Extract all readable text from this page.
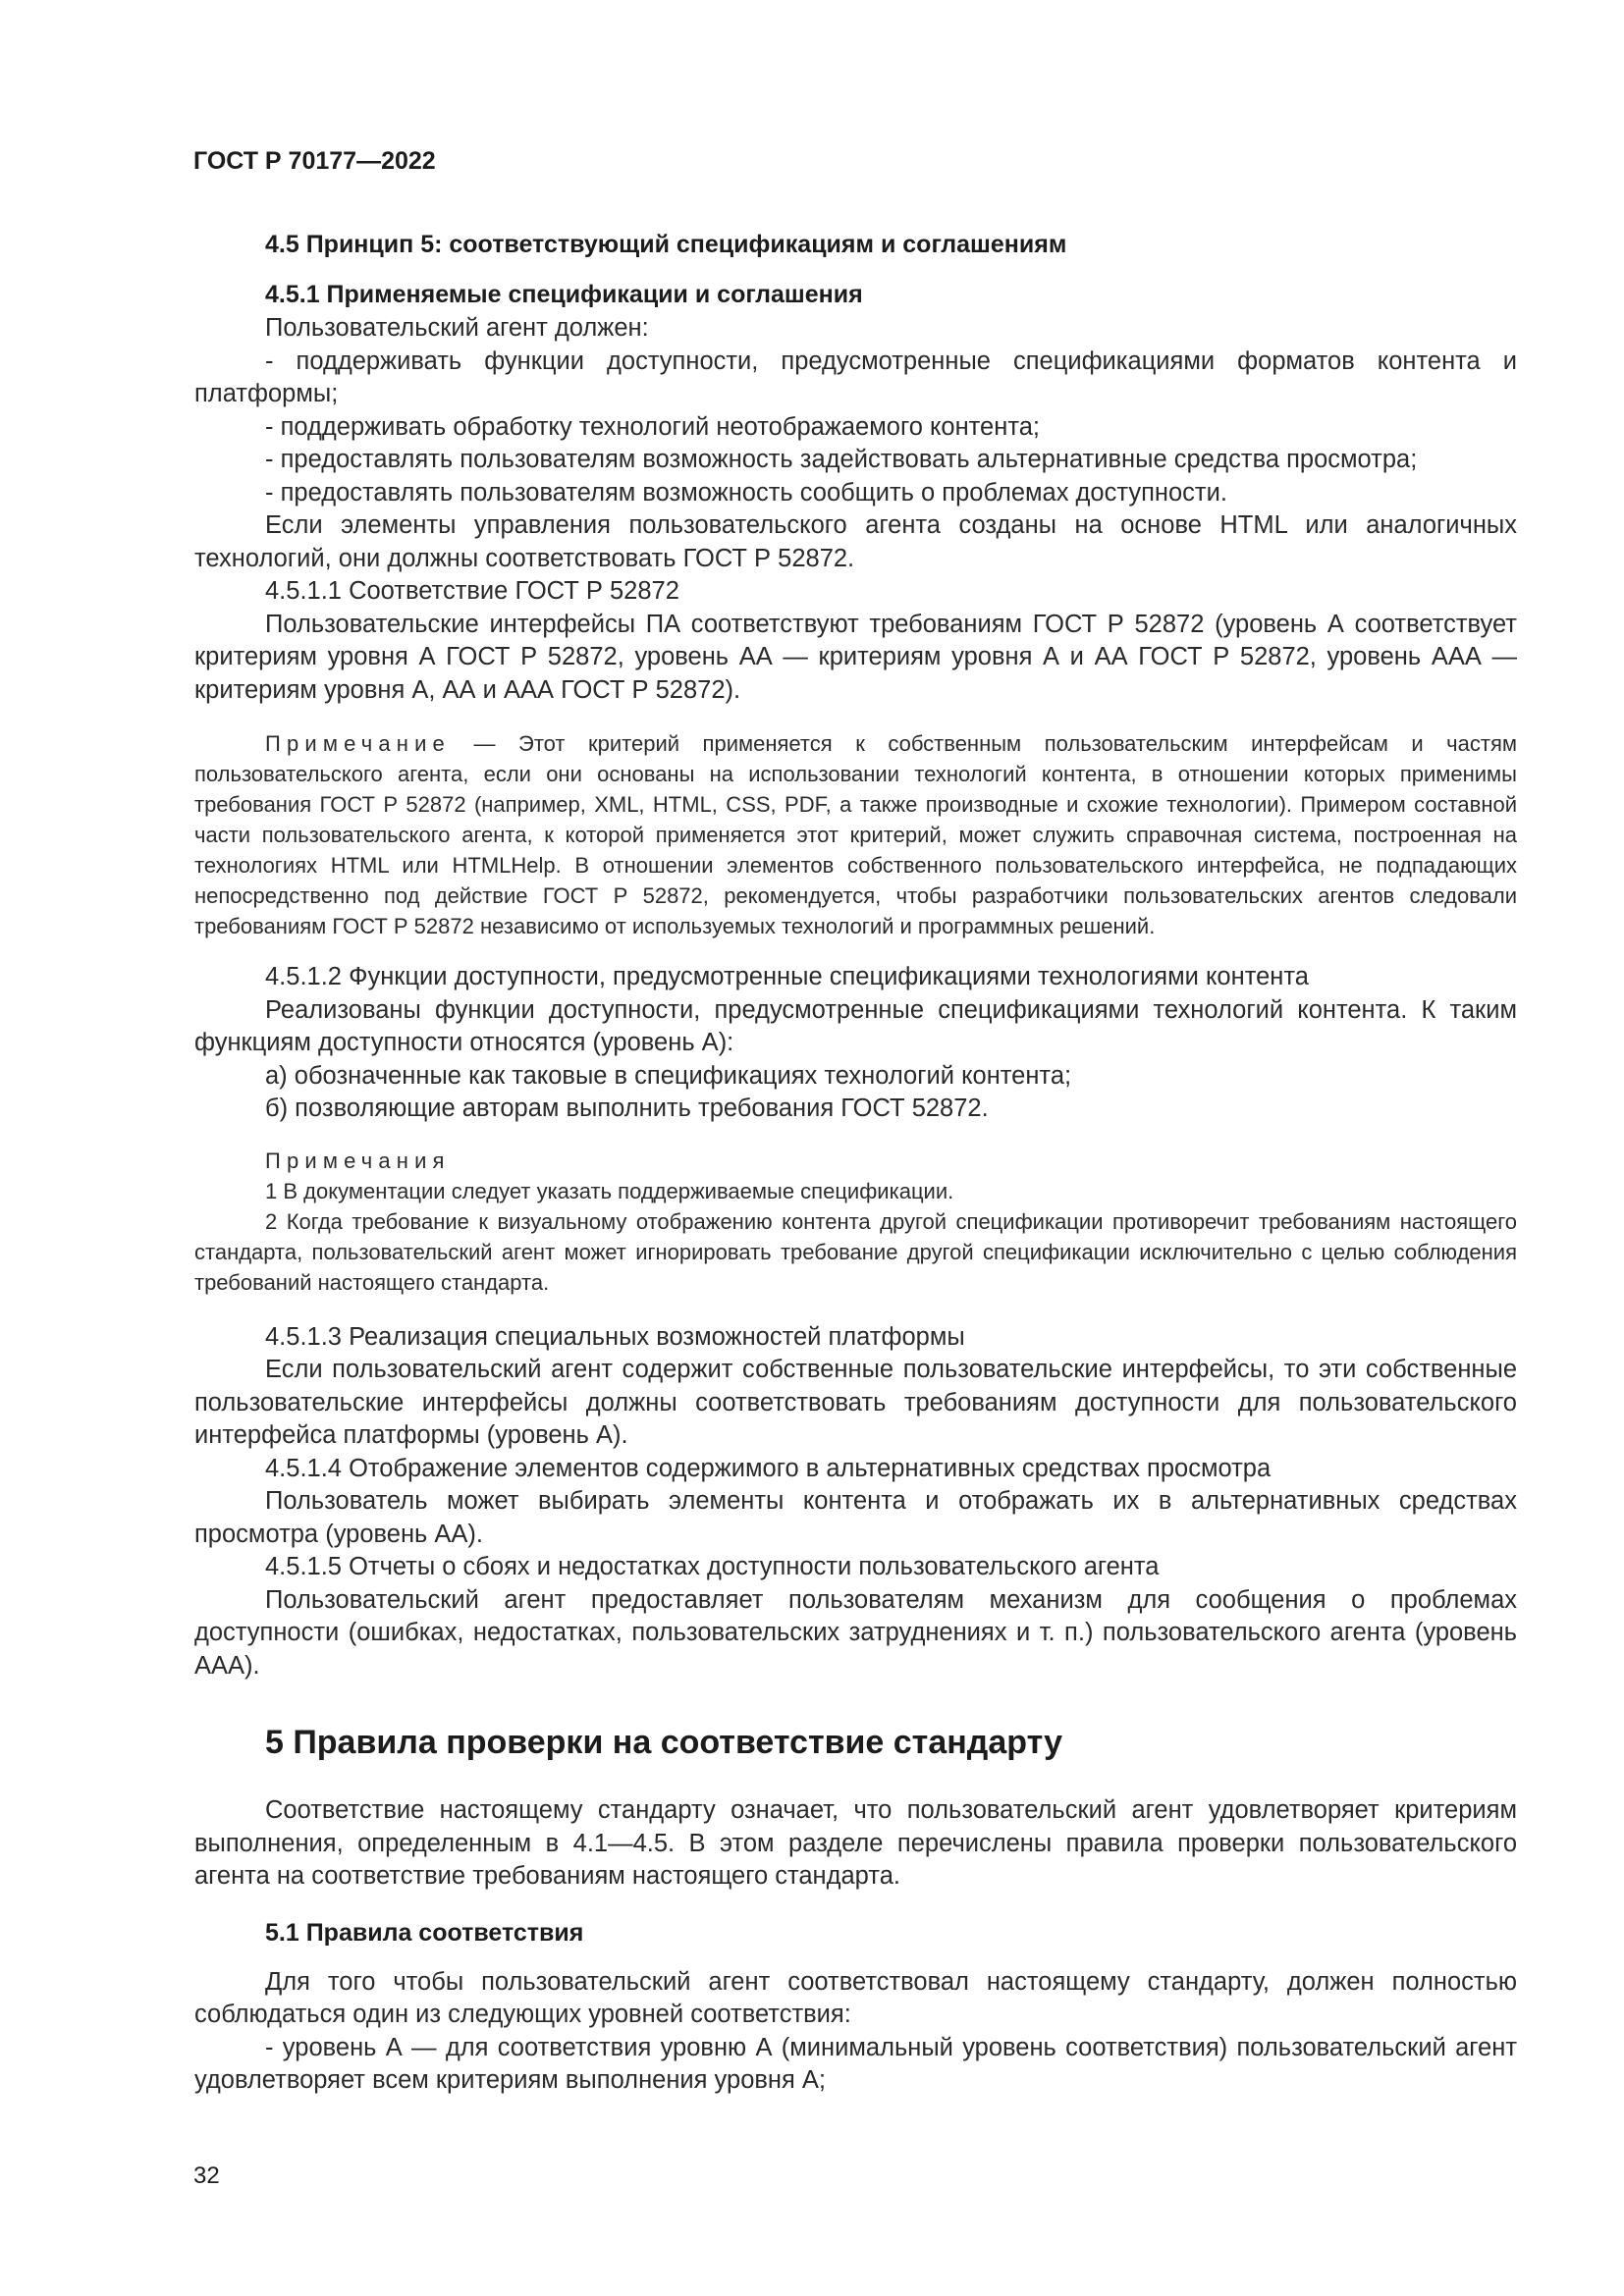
ГОСТ Р 70177—2022

4.5 Принцип 5: соответствующий спецификациям и соглашениям

4.5.1 Применяемые спецификации и соглашения

Пользовательский агент должен:

- поддерживать функции доступности, предусмотренные спецификациями форматов контента и платформы;

- поддерживать обработку технологий неотображаемого контента;

- предоставлять пользователям возможность задействовать альтернативные средства просмотра;

- предоставлять пользователям возможность сообщить о проблемах доступности.

Если элементы управления пользовательского агента созданы на основе HTML или аналогичных технологий, они должны соответствовать ГОСТ Р 52872.

4.5.1.1 Соответствие ГОСТ Р 52872

Пользовательские интерфейсы ПА соответствуют требованиям ГОСТ Р 52872 (уровень А соответствует критериям уровня А ГОСТ Р 52872, уровень АА — критериям уровня А и АА ГОСТ Р 52872, уровень ААА — критериям уровня А, АА и ААА ГОСТ Р 52872).

Примечание — Этот критерий применяется к собственным пользовательским интерфейсам и частям пользовательского агента, если они основаны на использовании технологий контента, в отношении которых применимы требования ГОСТ Р 52872 (например, XML, HTML, CSS, PDF, а также производные и схожие технологии). Примером составной части пользовательского агента, к которой применяется этот критерий, может служить справочная система, построенная на технологиях HTML или HTMLHelp. В отношении элементов собственного пользовательского интерфейса, не подпадающих непосредственно под действие ГОСТ Р 52872, рекомендуется, чтобы разработчики пользовательских агентов следовали требованиям ГОСТ Р 52872 независимо от используемых технологий и программных решений.

4.5.1.2 Функции доступности, предусмотренные спецификациями технологиями контента

Реализованы функции доступности, предусмотренные спецификациями технологий контента. К таким функциям доступности относятся (уровень А):

а) обозначенные как таковые в спецификациях технологий контента;

б) позволяющие авторам выполнить требования ГОСТ 52872.

Примечания

1 В документации следует указать поддерживаемые спецификации.

2 Когда требование к визуальному отображению контента другой спецификации противоречит требованиям настоящего стандарта, пользовательский агент может игнорировать требование другой спецификации исключительно с целью соблюдения требований настоящего стандарта.

4.5.1.3 Реализация специальных возможностей платформы

Если пользовательский агент содержит собственные пользовательские интерфейсы, то эти собственные пользовательские интерфейсы должны соответствовать требованиям доступности для пользовательского интерфейса платформы (уровень А).

4.5.1.4 Отображение элементов содержимого в альтернативных средствах просмотра

Пользователь может выбирать элементы контента и отображать их в альтернативных средствах просмотра (уровень АА).

4.5.1.5 Отчеты о сбоях и недостатках доступности пользовательского агента

Пользовательский агент предоставляет пользователям механизм для сообщения о проблемах доступности (ошибках, недостатках, пользовательских затруднениях и т. п.) пользовательского агента (уровень ААА).

5 Правила проверки на соответствие стандарту

Соответствие настоящему стандарту означает, что пользовательский агент удовлетворяет критериям выполнения, определенным в 4.1—4.5. В этом разделе перечислены правила проверки пользовательского агента на соответствие требованиям настоящего стандарта.

5.1 Правила соответствия

Для того чтобы пользовательский агент соответствовал настоящему стандарту, должен полностью соблюдаться один из следующих уровней соответствия:

- уровень А — для соответствия уровню А (минимальный уровень соответствия) пользовательский агент удовлетворяет всем критериям выполнения уровня А;

32
